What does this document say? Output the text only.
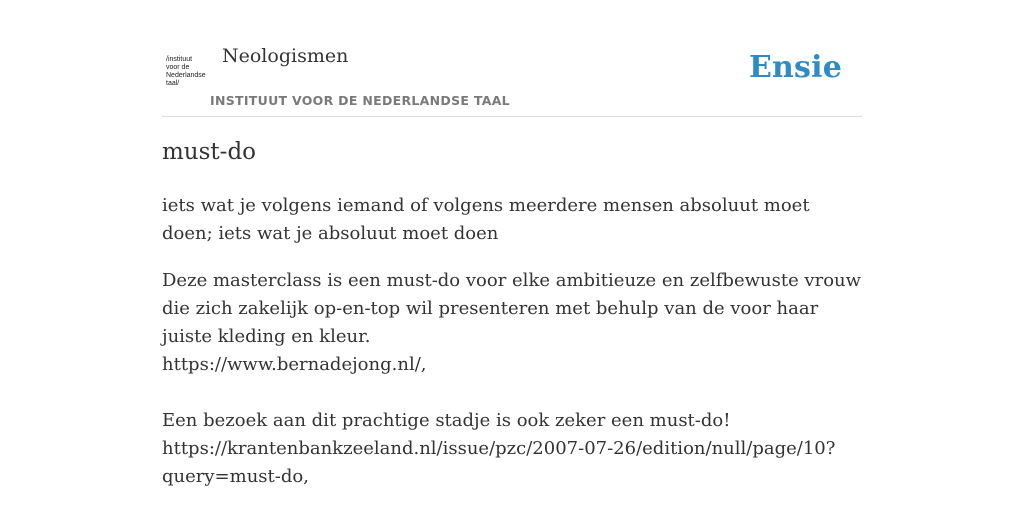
/instituut
voor de
Nederlandse
taal/
Neologismen
INSTITUUT VOOR DE NEDERLANDSE TAAL
Ensie
must-do
iets wat je volgens iemand of volgens meerdere mensen absoluut moet doen; iets wat je absoluut moet doen

Deze masterclass is een must-do voor elke ambitieuze en zelfbewuste vrouw die zich zakelijk op-en-top wil presenteren met behulp van de voor haar juiste kleding en kleur.
https://www.bernadejong.nl/,

Een bezoek aan dit prachtige stadje is ook zeker een must-do!
https://krantenbankzeeland.nl/issue/pzc/2007-07-26/edition/null/page/10?query=must-do,
